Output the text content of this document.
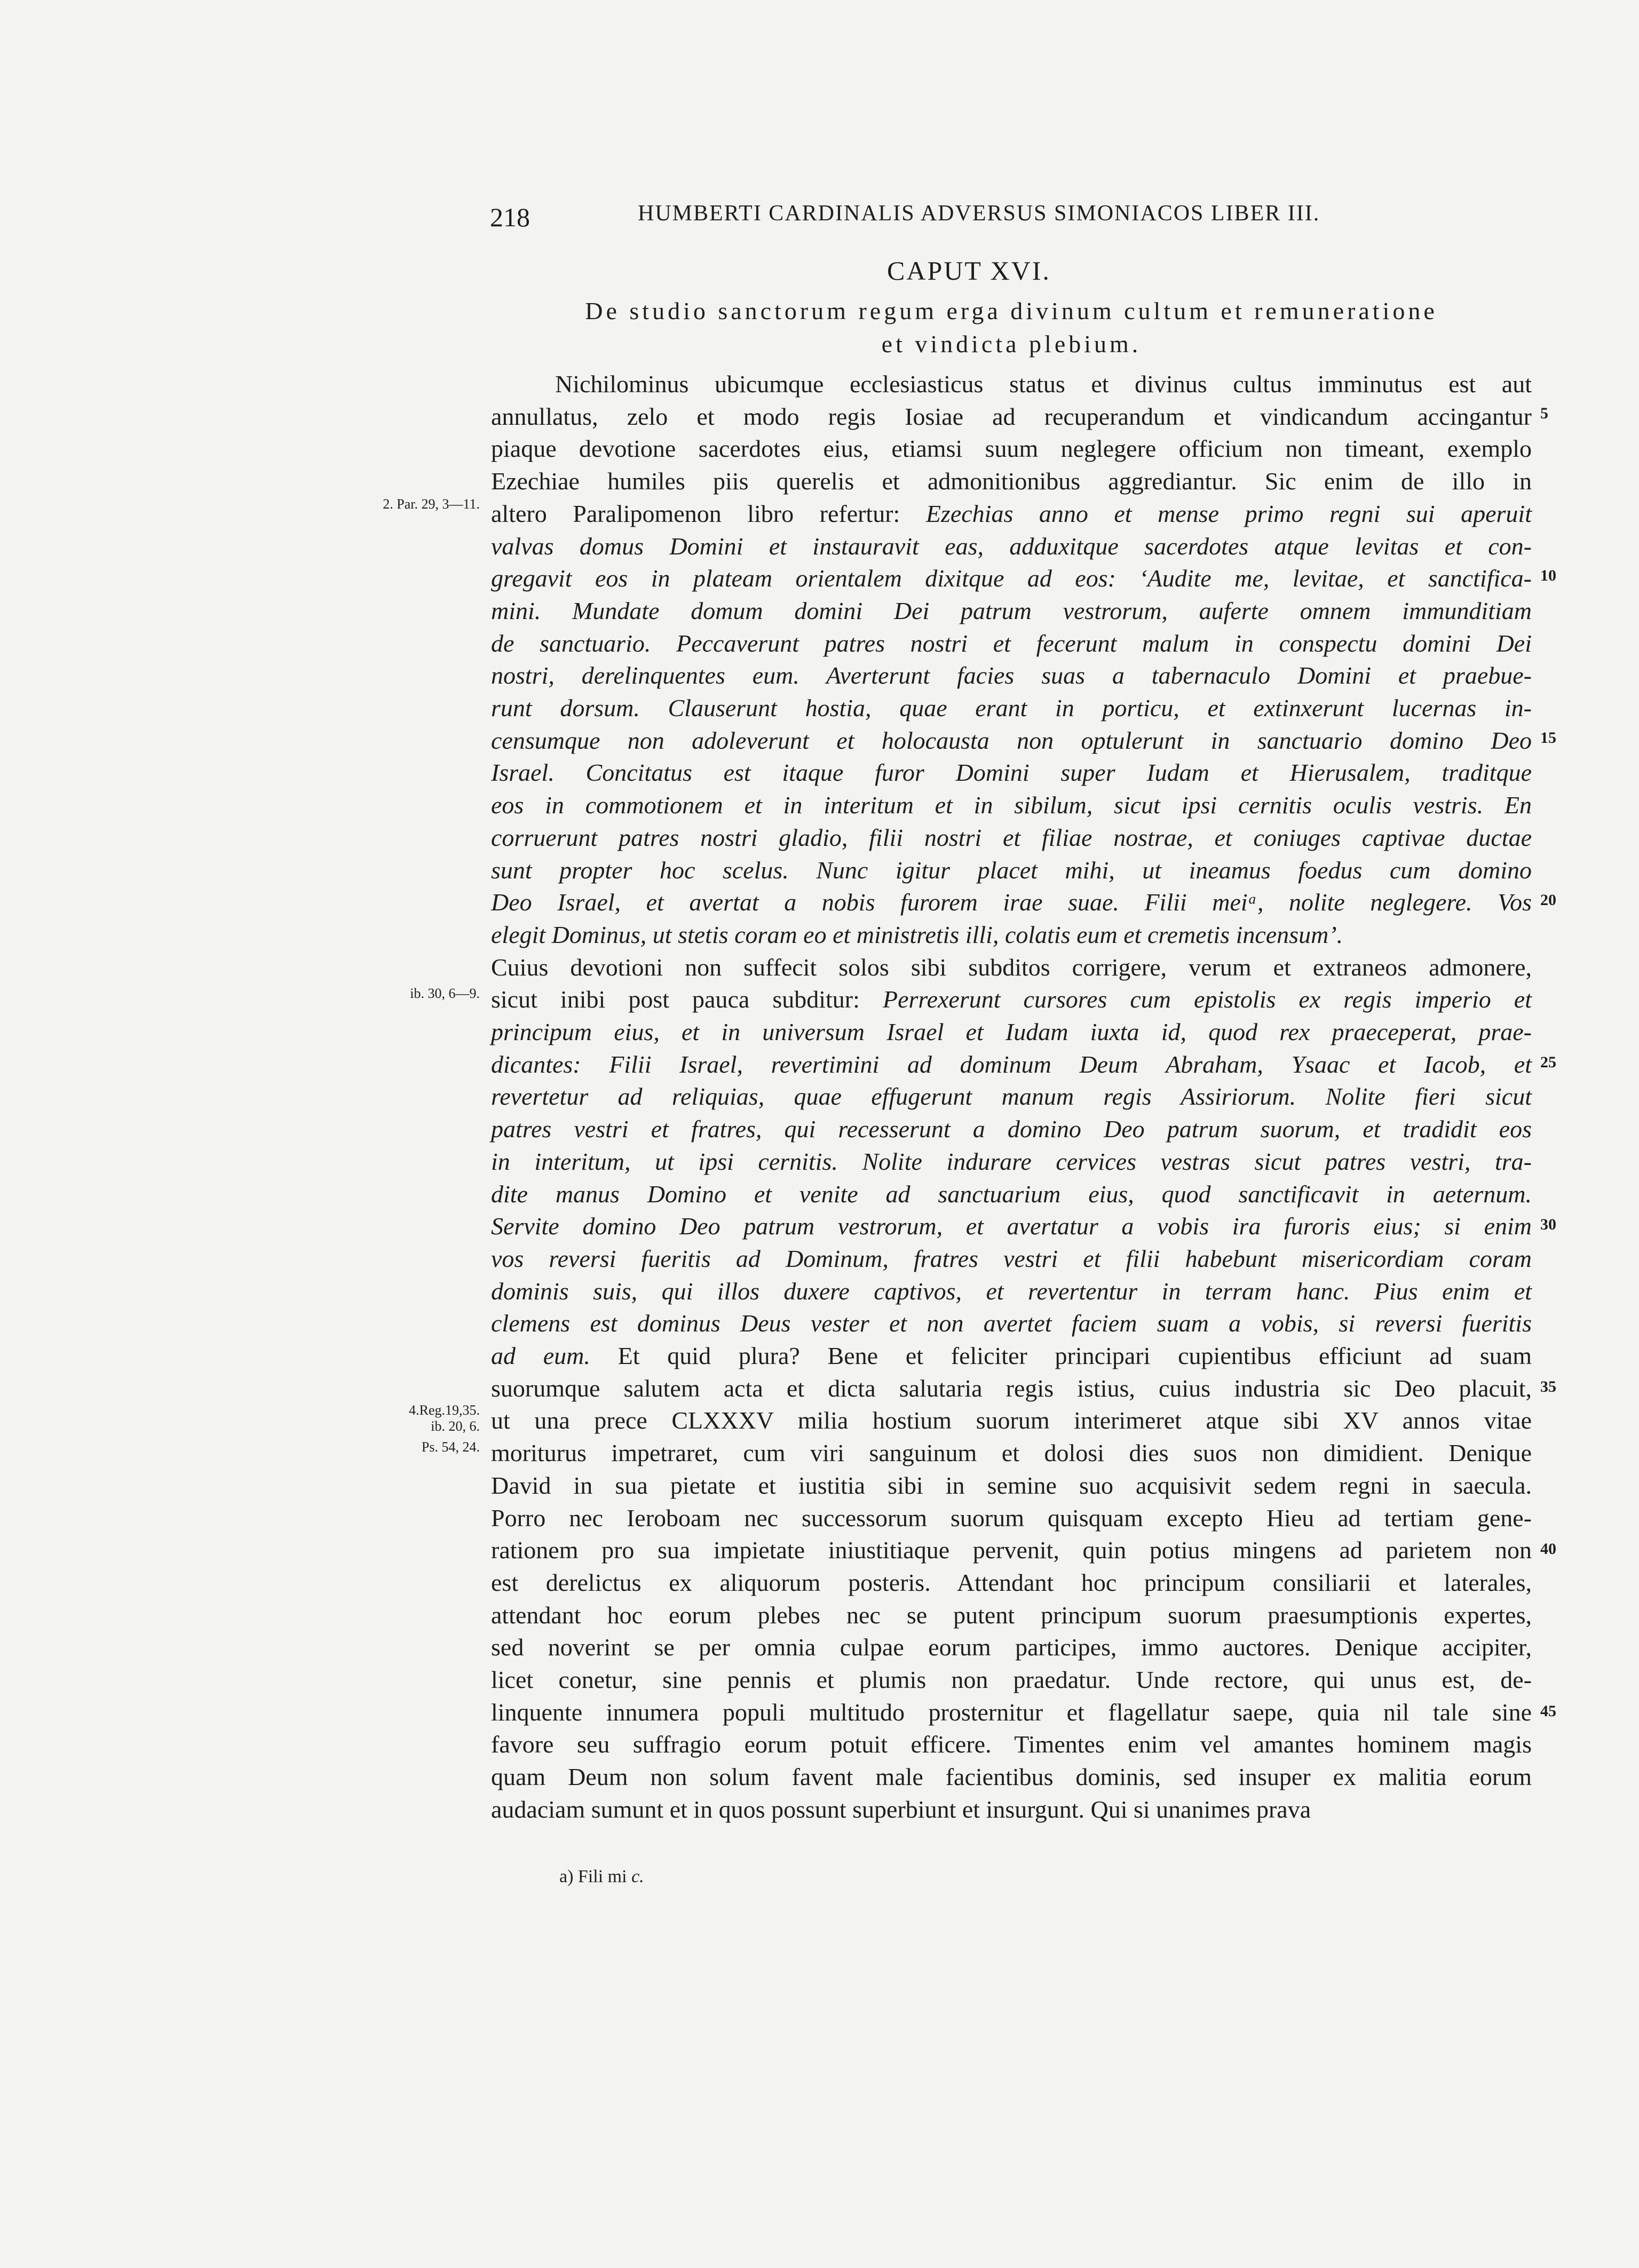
218	HUMBERTI CARDINALIS ADVERSUS SIMONIACOS LIBER III.
CAPUT XVI.
De studio sanctorum regum erga divinum cultum et remuneratione
et vindicta plebium.
Nichilominus ubicumque ecclesiasticus status et divinus cultus imminutus est aut
annullatus, zelo et modo regis Iosiae ad recuperandum et vindicandum accingantur
piaque devotione sacerdotes eius, etiamsi suum neglegere officium non timeant, exemplo
Ezechiae humiles piis querelis et admonitionibus aggrediantur. Sic enim de illo in
altero Paralipomenon libro refertur: Ezechias anno et mense primo regni sui aperuit
valvas domus Domini et instauravit eas, adduxitque sacerdotes atque levitas et con-
gregavit eos in plateam orientalem dixitque ad eos: ‘Audite me, levitae, et sanctifica-
mini. Mundate domum domini Dei patrum vestrorum, auferte omnem immunditiam
de sanctuario. Peccaverunt patres nostri et fecerunt malum in conspectu domini Dei
nostri, derelinquentes eum. Averterunt facies suas a tabernaculo Domini et praebue-
runt dorsum. Clauserunt hostia, quae erant in porticu, et extinxerunt lucernas in-
censumque non adoleverunt et holocausta non optulerunt in sanctuario domino Deo
Israel. Concitatus est itaque furor Domini super Iudam et Hierusalem, traditque
eos in commotionem et in interitum et in sibilum, sicut ipsi cernitis oculis vestris. En
corruerunt patres nostri gladio, filii nostri et filiae nostrae, et coniuges captivae ductae
sunt propter hoc scelus. Nunc igitur placet mihi, ut ineamus foedus cum domino
Deo Israel, et avertat a nobis furorem irae suae. Filii meiᵃ, nolite neglegere. Vos
elegit Dominus, ut stetis coram eo et ministretis illi, colatis eum et cremetis incensum’.
Cuius devotioni non suffecit solos sibi subditos corrigere, verum et extraneos admonere,
sicut inibi post pauca subditur: Perrexerunt cursores cum epistolis ex regis imperio et
principum eius, et in universum Israel et Iudam iuxta id, quod rex praeceperat, prae-
dicantes: Filii Israel, revertimini ad dominum Deum Abraham, Ysaac et Iacob, et
revertetur ad reliquias, quae effugerunt manum regis Assiriorum. Nolite fieri sicut
patres vestri et fratres, qui recesserunt a domino Deo patrum suorum, et tradidit eos
in interitum, ut ipsi cernitis. Nolite indurare cervices vestras sicut patres vestri, tra-
dite manus Domino et venite ad sanctuarium eius, quod sanctificavit in aeternum.
Servite domino Deo patrum vestrorum, et avertatur a vobis ira furoris eius; si enim
vos reversi fueritis ad Dominum, fratres vestri et filii habebunt misericordiam coram
dominis suis, qui illos duxere captivos, et revertentur in terram hanc. Pius enim et
clemens est dominus Deus vester et non avertet faciem suam a vobis, si reversi fueritis
ad eum. Et quid plura? Bene et feliciter principari cupientibus efficiunt ad suam
suorumque salutem acta et dicta salutaria regis istius, cuius industria sic Deo placuit,
ut una prece CLXXXV milia hostium suorum interimeret atque sibi XV annos vitae
moriturus impetraret, cum viri sanguinum et dolosi dies suos non dimidient. Denique
David in sua pietate et iustitia sibi in semine suo acquisivit sedem regni in saecula.
Porro nec Ieroboam nec successorum suorum quisquam excepto Hieu ad tertiam gene-
rationem pro sua impietate iniustitiaque pervenit, quin potius mingens ad parietem non
est derelictus ex aliquorum posteris. Attendant hoc principum consiliarii et laterales,
attendant hoc eorum plebes nec se putent principum suorum praesumptionis expertes,
sed noverint se per omnia culpae eorum participes, immo auctores. Denique accipiter,
licet conetur, sine pennis et plumis non praedatur. Unde rectore, qui unus est, de-
linquente innumera populi multitudo prosternitur et flagellatur saepe, quia nil tale sine
favore seu suffragio eorum potuit efficere. Timentes enim vel amantes hominem magis
quam Deum non solum favent male facientibus dominis, sed insuper ex malitia eorum
audaciam sumunt et in quos possunt superbiunt et insurgunt. Qui si unanimes prava
2. Par. 29, 3—11.
ib. 30, 6—9.
4.Reg.19,35.
ib. 20, 6.
Ps. 54, 24.
5
10
15
20
25
30
35
40
45
a) Fili mi c.
